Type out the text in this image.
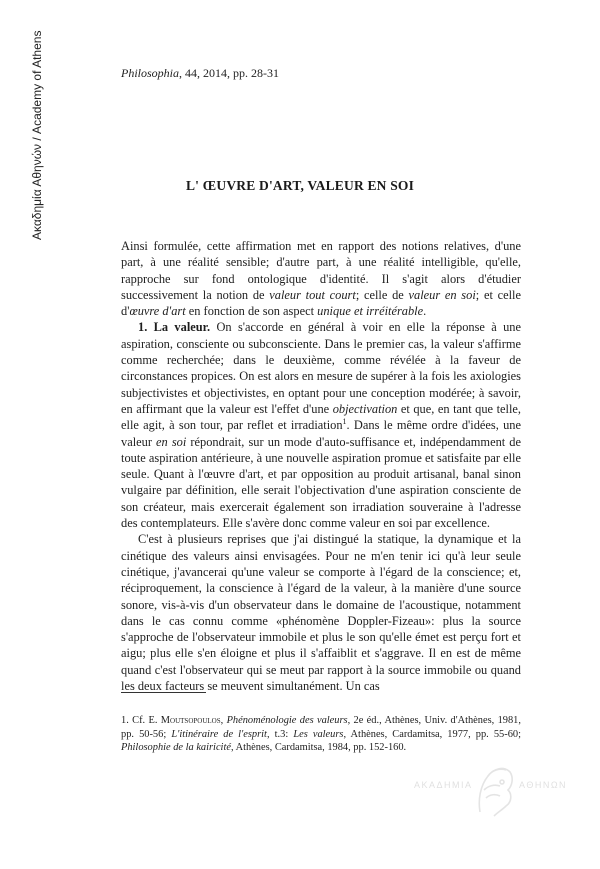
Ακαδημία Αθηνών / Academy of Athens	Philosophia, 44, 2014, pp. 28-31
L' ŒUVRE D'ART, VALEUR EN SOI

Ainsi formulée, cette affirmation met en rapport des notions relatives, d'une part, à une réalité sensible; d'autre part, à une réalité intelligible, qu'elle, rapproche sur fond ontologique d'identité. Il s'agit alors d'étudier successivement la notion de valeur tout court; celle de valeur en soi; et celle d'œuvre d'art en fonction de son aspect unique et irréitérable.

1. La valeur. On s'accorde en général à voir en elle la réponse à une aspiration, consciente ou subconsciente. Dans le premier cas, la valeur s'affirme comme recherchée; dans le deuxième, comme révélée à la faveur de circonstances propices. On est alors en mesure de supérer à la fois les axiologies subjectivistes et objectivistes, en optant pour une conception modérée; à savoir, en affirmant que la valeur est l'effet d'une objectivation et que, en tant que telle, elle agit, à son tour, par reflet et irradiation$^1$. Dans le même ordre d'idées, une valeur en soi répondrait, sur un mode d'auto-suffisance et, indépendamment de toute aspiration antérieure, à une nouvelle aspiration promue et satisfaite par elle seule. Quant à l'œuvre d'art, et par opposition au produit artisanal, banal sinon vulgaire par définition, elle serait l'objectivation d'une aspiration consciente de son créateur, mais exercerait également son irradiation souveraine à l'adresse des contemplateurs. Elle s'avère donc comme valeur en soi par excellence.

C'est à plusieurs reprises que j'ai distingué la statique, la dynamique et la cinétique des valeurs ainsi envisagées. Pour ne m'en tenir ici qu'à leur seule cinétique, j'avancerai qu'une valeur se comporte à l'égard de la conscience; et, réciproquement, la conscience à l'égard de la valeur, à la manière d'une source sonore, vis-à-vis d'un observateur dans le domaine de l'acoustique, notamment dans le cas connu comme «phénomène Doppler-Fizeau»: plus la source s'approche de l'observateur immobile et plus le son qu'elle émet est perçu fort et aigu; plus elle s'en éloigne et plus il s'affaiblit et s'aggrave. Il en est de même quand c'est l'observateur qui se meut par rapport à la source immobile ou quand les deux facteurs se meuvent simultanément. Un cas

1. Cf. E. Moutsopoulos, Phénoménologie des valeurs, 2e éd., Athènes, Univ. d'Athènes, 1981, pp. 50-56; L'itinéraire de l'esprit, t.3: Les valeurs, Athènes, Cardamitsa, 1977, pp. 55-60; Philosophie de la kairicité, Athènes, Cardamitsa, 1984, pp. 152-160.
ΑΚΑΔΗΜΙΑ	ΑΘΗΝΩΝ
